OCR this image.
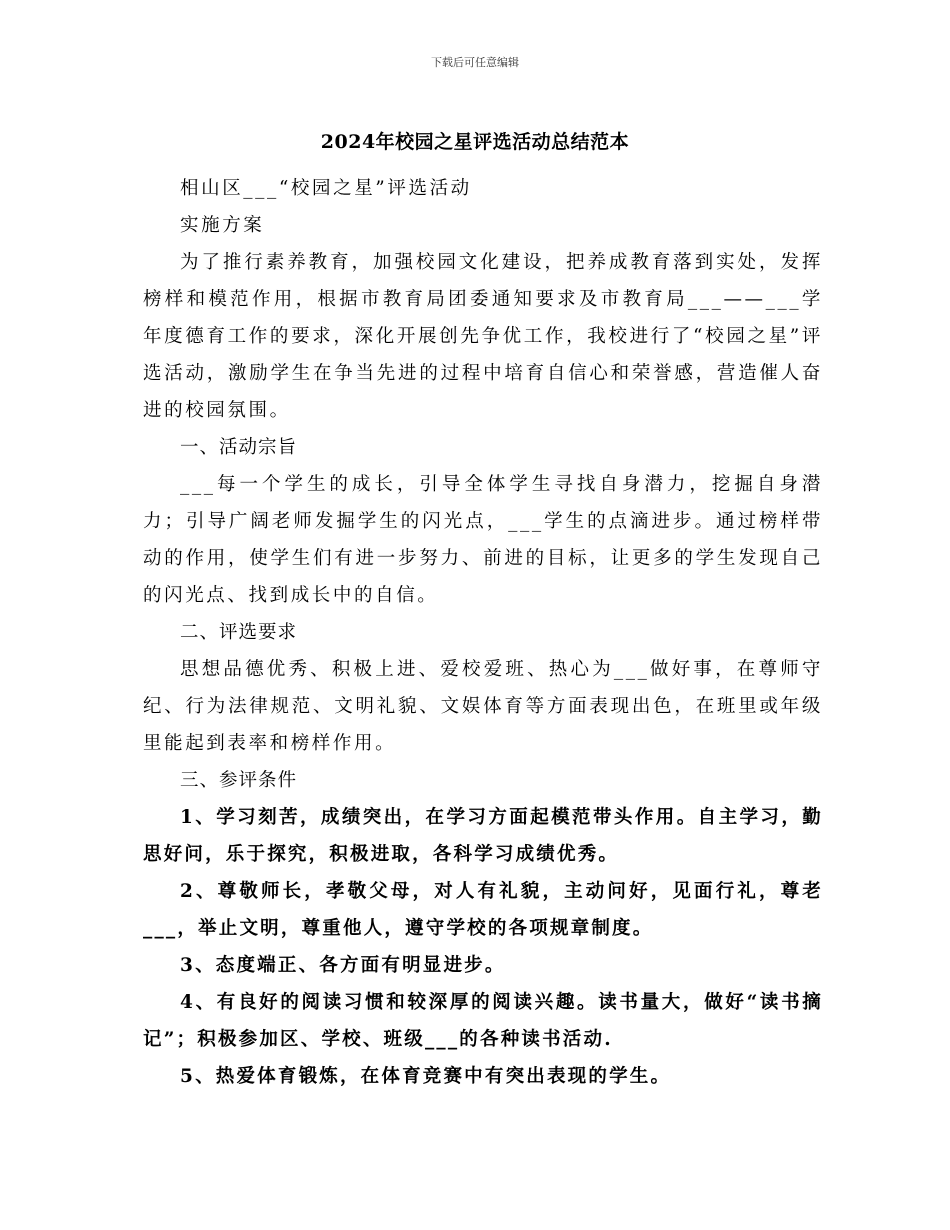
下载后可任意编辑
2024年校园之星评选活动总结范本

相山区___“校园之星”评选活动

实施方案

为了推行素养教育，加强校园文化建设，把养成教育落到实处，发挥榜样和模范作用，根据市教育局团委通知要求及市教育局___——___学年度德育工作的要求，深化开展创先争优工作，我校进行了“校园之星”评选活动，激励学生在争当先进的过程中培育自信心和荣誉感，营造催人奋进的校园氛围。

一、活动宗旨

___每一个学生的成长，引导全体学生寻找自身潜力，挖掘自身潜力；引导广阔老师发掘学生的闪光点，___学生的点滴进步。通过榜样带动的作用，使学生们有进一步努力、前进的目标，让更多的学生发现自己的闪光点、找到成长中的自信。

二、评选要求

思想品德优秀、积极上进、爱校爱班、热心为___做好事，在尊师守纪、行为法律规范、文明礼貌、文娱体育等方面表现出色，在班里或年级里能起到表率和榜样作用。

三、参评条件

1、学习刻苦，成绩突出，在学习方面起模范带头作用。自主学习，勤思好问，乐于探究，积极进取，各科学习成绩优秀。

2、尊敬师长，孝敬父母，对人有礼貌，主动问好，见面行礼，尊老___，举止文明，尊重他人，遵守学校的各项规章制度。

3、态度端正、各方面有明显进步。

4、有良好的阅读习惯和较深厚的阅读兴趣。读书量大，做好“读书摘记”；积极参加区、学校、班级___的各种读书活动.

5、热爱体育锻炼，在体育竞赛中有突出表现的学生。
